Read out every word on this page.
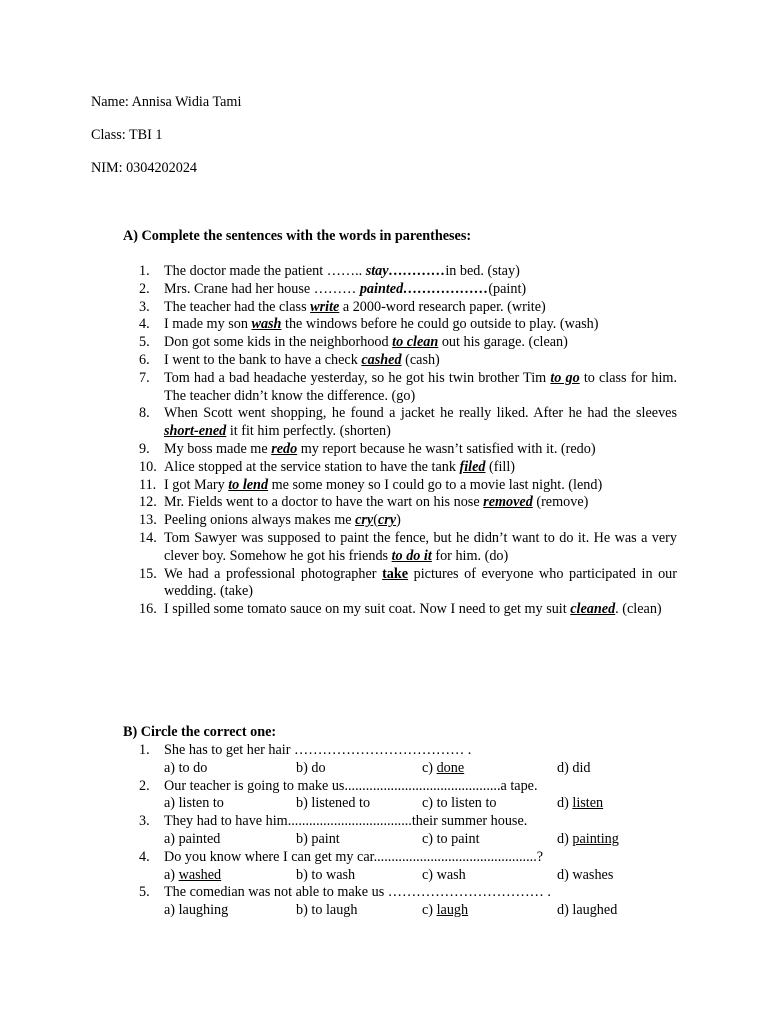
Name: Annisa Widia Tami
Class: TBI 1
NIM: 0304202024
A) Complete the sentences with the words in parentheses:
1.	The doctor made the patient …….. stay…………in bed. (stay)
2.	Mrs. Crane had her house ……… painted………………(paint)
3.	The teacher had the class write a 2000-word research paper. (write)
4.	I made my son wash the windows before he could go outside to play. (wash)
5.	Don got some kids in the neighborhood to clean out his garage. (clean)
6.	I went to the bank to have a check cashed (cash)
7.	Tom had a bad headache yesterday, so he got his twin brother Tim to go to class for him. The teacher didn’t know the difference. (go)
8.	When Scott went shopping, he found a jacket he really liked. After he had the sleeves short-ened it fit him perfectly. (shorten)
9.	My boss made me redo my report because he wasn’t satisfied with it. (redo)
10. Alice stopped at the service station to have the tank filed (fill)
11. I got Mary to lend me some money so I could go to a movie last night. (lend)
12. Mr. Fields went to a doctor to have the wart on his nose removed (remove)
13. Peeling onions always makes me cry(cry)
14. Tom Sawyer was supposed to paint the fence, but he didn’t want to do it. He was a very clever boy. Somehow he got his friends to do it for him. (do)
15. We had a professional photographer take pictures of everyone who participated in our wedding. (take)
16. I spilled some tomato sauce on my suit coat. Now I need to get my suit cleaned. (clean)
B) Circle the correct one:
1.	She has to get her hair ……………………………… .
a) to do	b) do	c) done	d) did
2.	Our teacher is going to make us............................................a tape.
a) listen to	b) listened to	c) to listen to	d) listen
3.	They had to have him...................................their summer house.
a) painted	b) paint	c) to paint	d) painting
4.	Do you know where I can get my car..............................................?
a) washed	b) to wash	c) wash	d) washes
5.	The comedian was not able to make us …………………………… .
a) laughing	b) to laugh	c) laugh	d) laughed
